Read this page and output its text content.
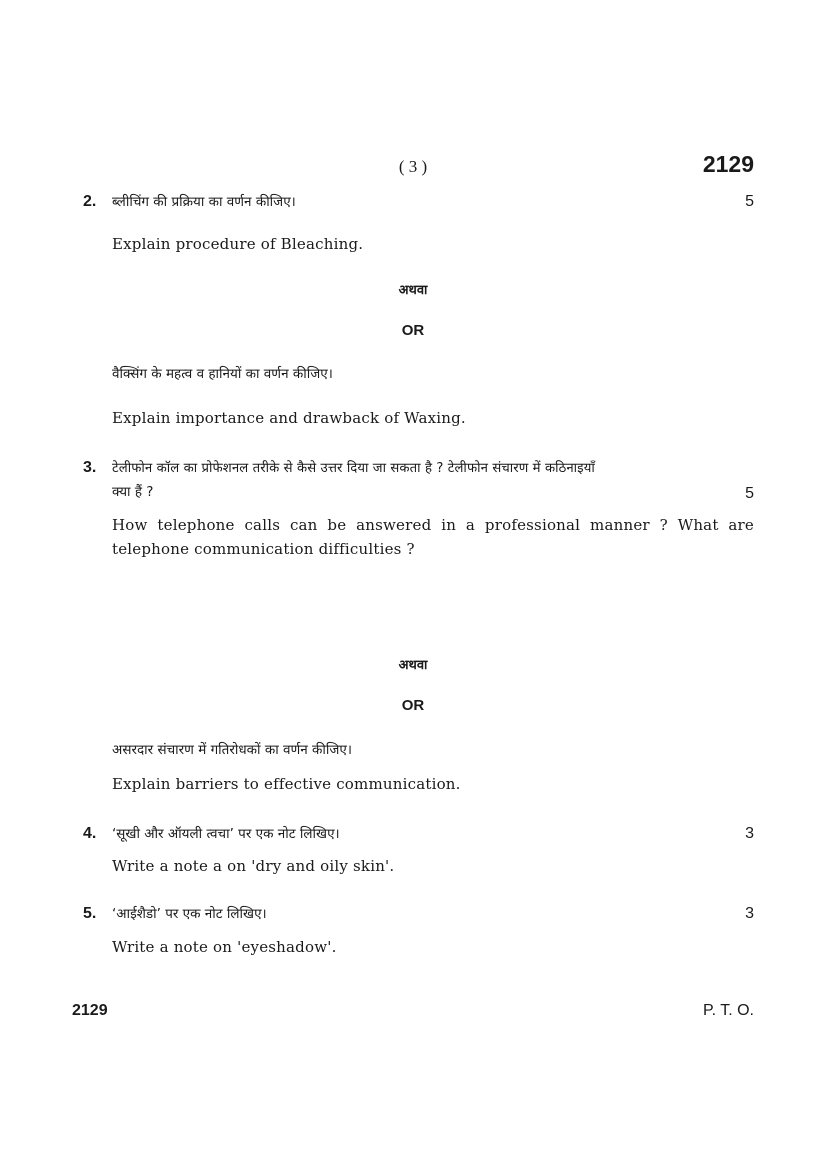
( 3 )	2129
2. ब्लीचिंग की प्रक्रिया का वर्णन कीजिए।	5
Explain procedure of Bleaching.
अथवा
OR
वैक्सिंग के महत्व व हानियों का वर्णन कीजिए।
Explain importance and drawback of Waxing.
3. टेलीफोन कॉल का प्रोफेशनल तरीके से कैसे उत्तर दिया जा सकता है ? टेलीफोन संचारण में कठिनाइयाँ
क्या हैं ?	5
How telephone calls can be answered in a professional manner ? What are telephone communication difficulties ?
अथवा
OR
असरदार संचारण में गतिरोधकों का वर्णन कीजिए।
Explain barriers to effective communication.
4. ‘सूखी और ऑयली त्वचा’ पर एक नोट लिखिए।	3
Write a note a on 'dry and oily skin'.
5. ‘आईशैडो’ पर एक नोट लिखिए।	3
Write a note on 'eyeshadow'.
2129	P. T. O.
